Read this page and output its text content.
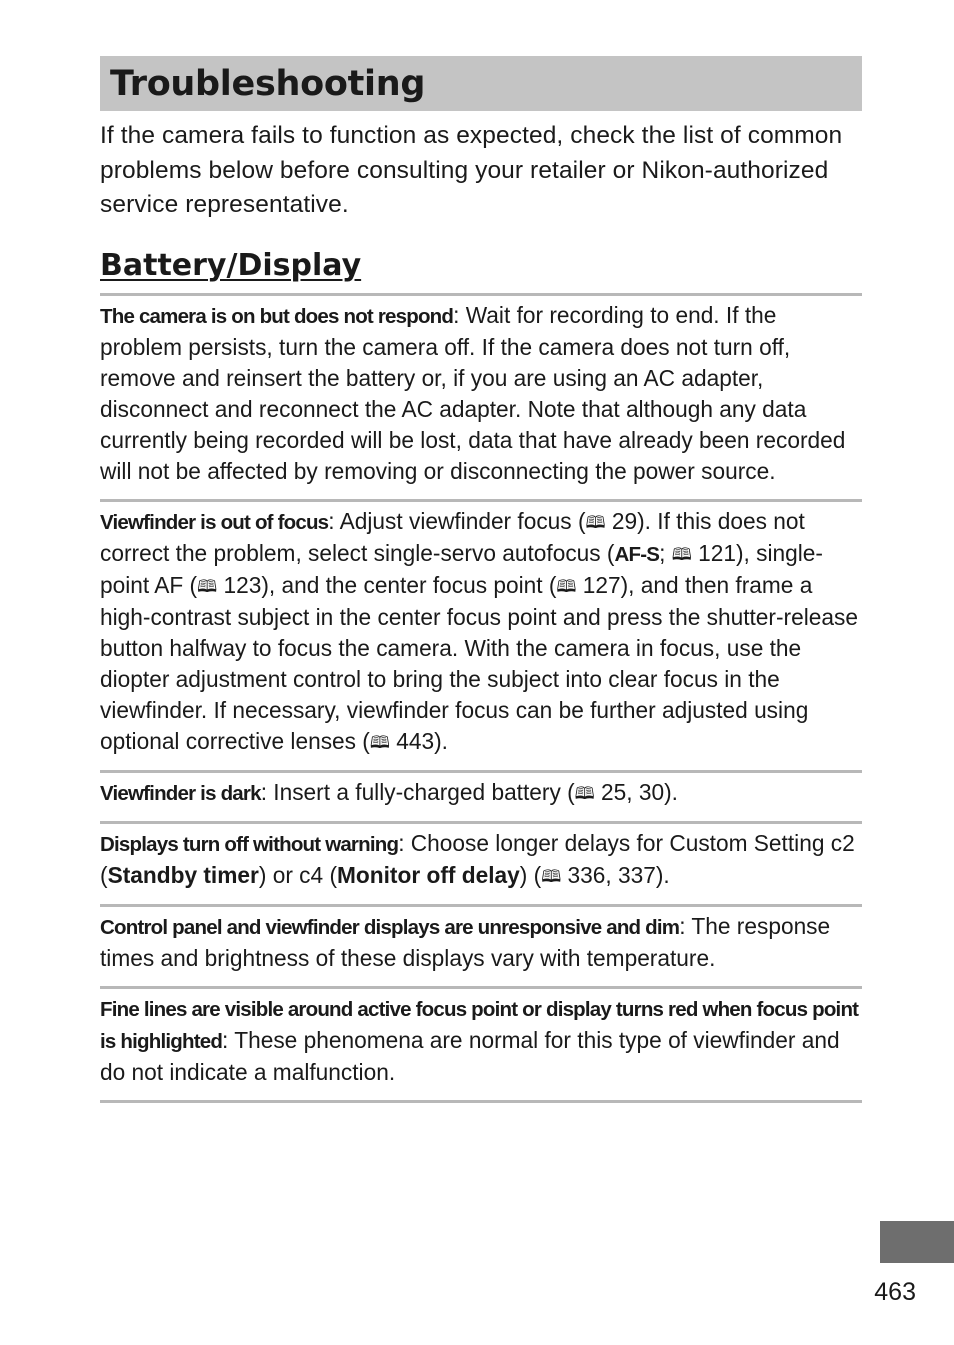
Troubleshooting

If the camera fails to function as expected, check the list of common problems below before consulting your retailer or Nikon-authorized service representative.

Battery/Display
The camera is on but does not respond: Wait for recording to end. If the problem persists, turn the camera off. If the camera does not turn off, remove and reinsert the battery or, if you are using an AC adapter, disconnect and reconnect the AC adapter. Note that although any data currently being recorded will be lost, data that have already been recorded will not be affected by removing or disconnecting the power source.
Viewfinder is out of focus: Adjust viewfinder focus (🕮 29). If this does not correct the problem, select single-servo autofocus (AF-S; 🕮 121), single-point AF (🕮 123), and the center focus point (🕮 127), and then frame a high-contrast subject in the center focus point and press the shutter-release button halfway to focus the camera. With the camera in focus, use the diopter adjustment control to bring the subject into clear focus in the viewfinder. If necessary, viewfinder focus can be further adjusted using optional corrective lenses (🕮 443).
Viewfinder is dark: Insert a fully-charged battery (🕮 25, 30).
Displays turn off without warning: Choose longer delays for Custom Setting c2 (Standby timer) or c4 (Monitor off delay) (🕮 336, 337).
Control panel and viewfinder displays are unresponsive and dim: The response times and brightness of these displays vary with temperature.
Fine lines are visible around active focus point or display turns red when focus point is highlighted: These phenomena are normal for this type of viewfinder and do not indicate a malfunction.
463
